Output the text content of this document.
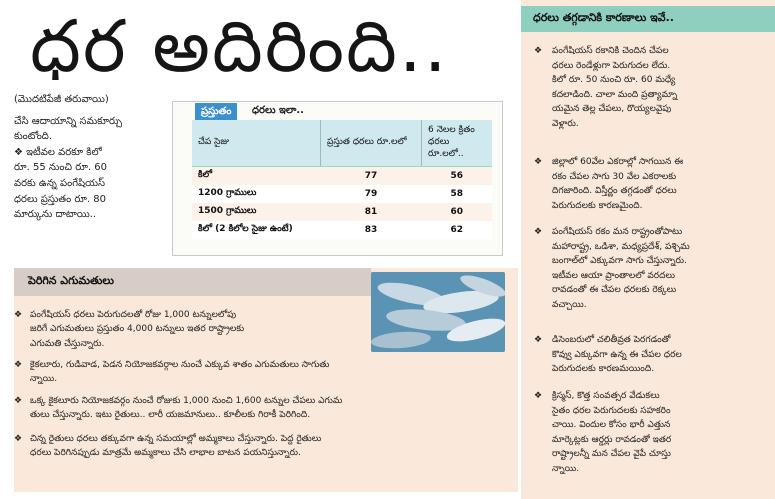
ధర అదిరింది..	ధరలు తగ్గడానికి కారణాలు ఇవే..
❖	పంగేషియస్ రకానికి చెందిన చేపల
ధరలు రెండేళ్లుగా పెరుగుదల లేదు.
కిలో రూ. 50 నుంచి రూ. 60 మధ్యే
కదలాడింది. చాలా మంది ప్రత్యామ్నా
యమైన తెల్ల చేపలు, రొయ్యలవైపు
వెళ్లారు.
❖	జిల్లాలో 60వేల ఎకరాల్లో సాగయిన ఈ
రకం చేపల సాగు 30 వేల ఎకరాలకు
దిగజారింది. విస్తీర్ణం తగ్గడంతో ధరలు
పెరుగుదలకు కారణమైంది.
❖	పంగేషియస్ రకం మన రాష్ట్రంతోపాటు
మహారాష్ట్ర, ఒడిశా, మధ్యప్రదేశ్, పశ్చిమ
బంగాల్‌లో ఎక్కువగా సాగు చేస్తున్నారు.
ఇటీవల ఆయా ప్రాంతాలలో వరదలు
రావడంతో ఈ చేపల ధరలకు రెక్కలు
వచ్చాయి.
❖	డిసెంబరులో చలితీవ్రత పెరగడంతో
కొవ్వు ఎక్కువగా ఉన్న ఈ చేపల ధరల
పెరుగుదలకు కారణమయింది.
❖	క్రిస్మస్, కొత్త సంవత్సర వేడుకలు
సైతం ధరల పెరుగుదలకు సహకరిం
చాయి. విందుల కోసం భారీ ఎత్తున
మార్కెట్లకు ఆర్డర్లు రావడంతో ఇతర
రాష్ట్రాలన్నీ మన చేపల వైపే చూస్తు
న్నాయి.
(మొదటిపేజీ తరువాయి)
చేసి ఆదాయాన్ని సమకూర్చు
కుంటోంది.
❖ ఇటీవల వరకూ కిలో
రూ. 55 నుంచి రూ. 60
వరకు ఉన్న పంగేషియస్
ధరలు ప్రస్తుతం రూ. 80
మార్కును దాటాయి..
ప్రస్తుతం	ధరలు ఇలా..
చేప సైజు	ప్రస్తుత ధరలు రూ.లలో	6 నెలల క్రితం ధరలు రూ.లలో..
కిలో	77	56
1200 గ్రాములు	79	58
1500 గ్రాములు	81	60
కిలో (2 కిలోల సైజు ఉంటే)	83	62
పెరిగిన ఎగుమతులు
❖ పంగేషియస్ ధరలు పెరుగుదలతో రోజు 1,000 టన్నులలోపు
జరిగే ఎగుమతులు ప్రస్తుతం 4,000 టన్నులు ఇతర రాష్ట్రాలకు
ఎగుమతి చేస్తున్నారు.
❖ కైకలూరు, గుడివాడ, పెడన నియోజకవర్గాల నుంచే ఎక్కువ శాతం ఎగుమతులు సాగుతు
న్నాయి.
❖ ఒక్క కైకలూరు నియోజకవర్గం నుంచే రోజుకు 1,000 నుంచి 1,600 టన్నుల చేపలు ఎగుమ
తులు చేస్తున్నారు. ఇటు రైతులు.. లారీ యజమానులు.. కూలీలకు గిరాకీ పెరిగింది.
❖ చిన్న రైతులు ధరలు తక్కువగా ఉన్న సమయాల్లో అమ్మకాలు చేస్తున్నారు. పెద్ద రైతులు
ధరలు పెరిగినప్పుడు మాత్రమే అమ్మకాలు చేసి లాభాల బాటన పయనిస్తున్నారు.
